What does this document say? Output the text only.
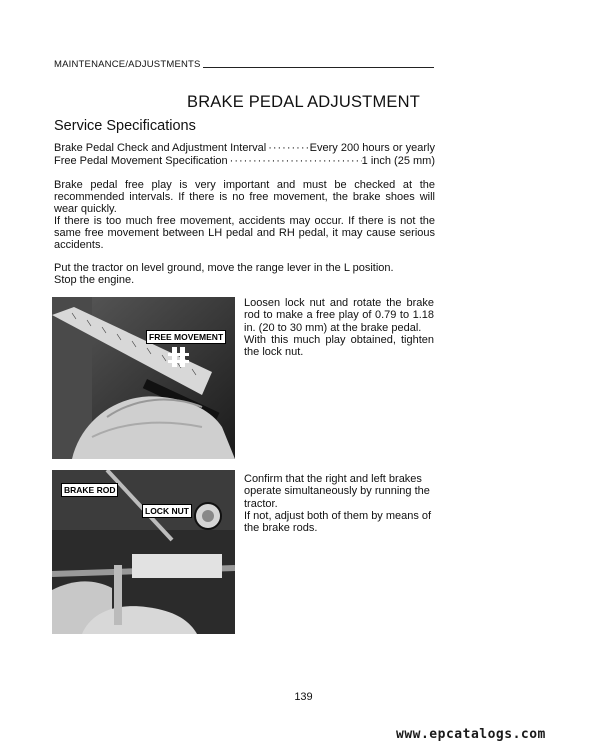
MAINTENANCE/ADJUSTMENTS
BRAKE PEDAL ADJUSTMENT
Service Specifications
Brake Pedal Check and Adjustment Interval ·····	Every 200 hours or yearly
Free Pedal Movement Specification ·····	1 inch (25 mm)
Brake pedal free play is very important and must be checked at the recommended intervals. If there is no free movement, the brake shoes will wear quickly.
If there is too much free movement, accidents may occur. If there is not the same free movement between LH pedal and RH pedal, it may cause serious accidents.
Put the tractor on level ground, move the range lever in the L position.
Stop the engine.
FREE MOVEMENT
Loosen lock nut and rotate the brake rod to make a free play of 0.79 to 1.18 in. (20 to 30 mm) at the brake pedal.
With this much play obtained, tighten the lock nut.
BRAKE ROD
LOCK NUT
Confirm that the right and left brakes operate simultaneously by running the tractor.
If not, adjust both of them by means of the brake rods.
139
www.epcatalogs.com
